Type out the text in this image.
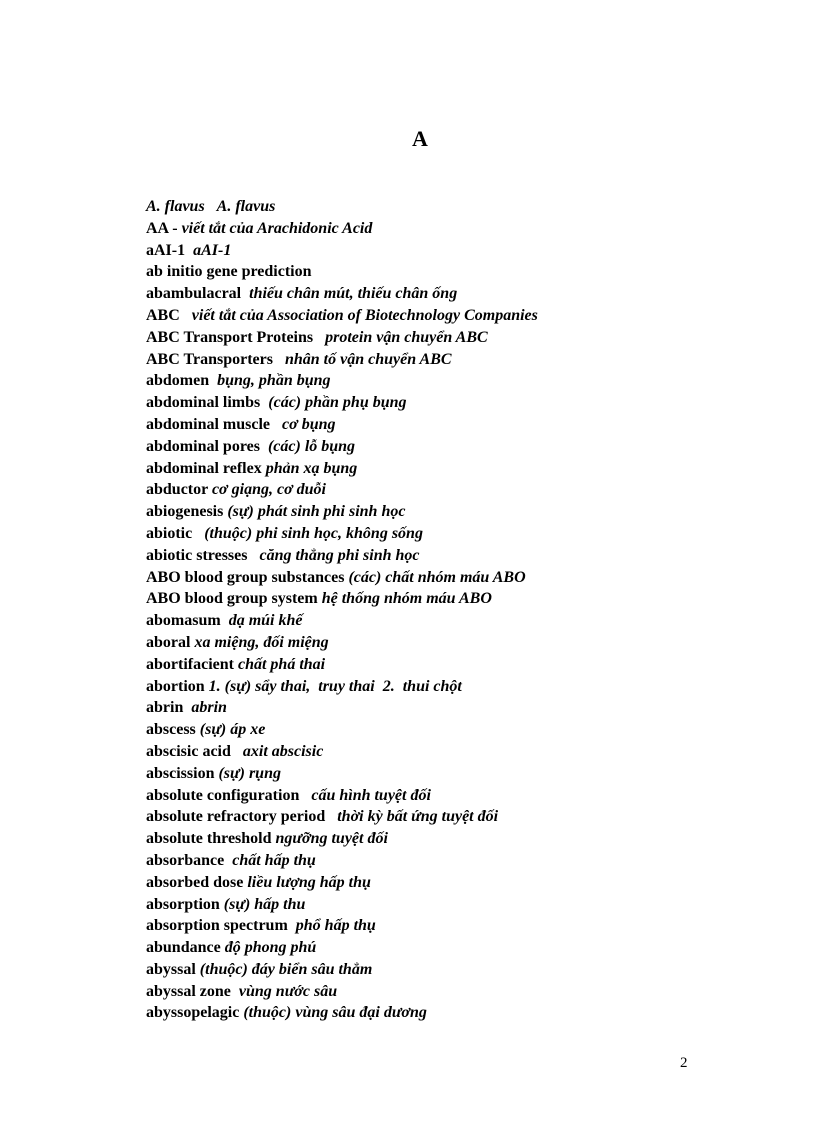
A
A. flavus A. flavus
AA - viết tắt của Arachidonic Acid
aAI-1 aAI-1
ab initio gene prediction
abambulacral thiếu chân mút, thiếu chân ống
ABC viết tắt của Association of Biotechnology Companies
ABC Transport Proteins protein vận chuyển ABC
ABC Transporters nhân tố vận chuyển ABC
abdomen bụng, phần bụng
abdominal limbs (các) phần phụ bụng
abdominal muscle cơ bụng
abdominal pores (các) lỗ bụng
abdominal reflex phản xạ bụng
abductor cơ giạng, cơ duỗi
abiogenesis (sự) phát sinh phi sinh học
abiotic (thuộc) phi sinh học, không sống
abiotic stresses căng thẳng phi sinh học
ABO blood group substances (các) chất nhóm máu ABO
ABO blood group system hệ thống nhóm máu ABO
abomasum dạ múi khế
aboral xa miệng, đối miệng
abortifacient chất phá thai
abortion 1. (sự) sẩy thai,  truy thai  2.  thui chột
abrin abrin
abscess (sự) áp xe
abscisic acid axit abscisic
abscission (sự) rụng
absolute configuration cấu hình tuyệt đối
absolute refractory period thời kỳ bất ứng tuyệt đối
absolute threshold ngưỡng tuyệt đối
absorbance chất hấp thụ
absorbed dose liều lượng hấp thụ
absorption (sự) hấp thu
absorption spectrum phổ hấp thụ
abundance độ phong phú
abyssal (thuộc) đáy biển sâu thẳm
abyssal zone vùng nước sâu
abyssopelagic (thuộc) vùng sâu đại dương
2
